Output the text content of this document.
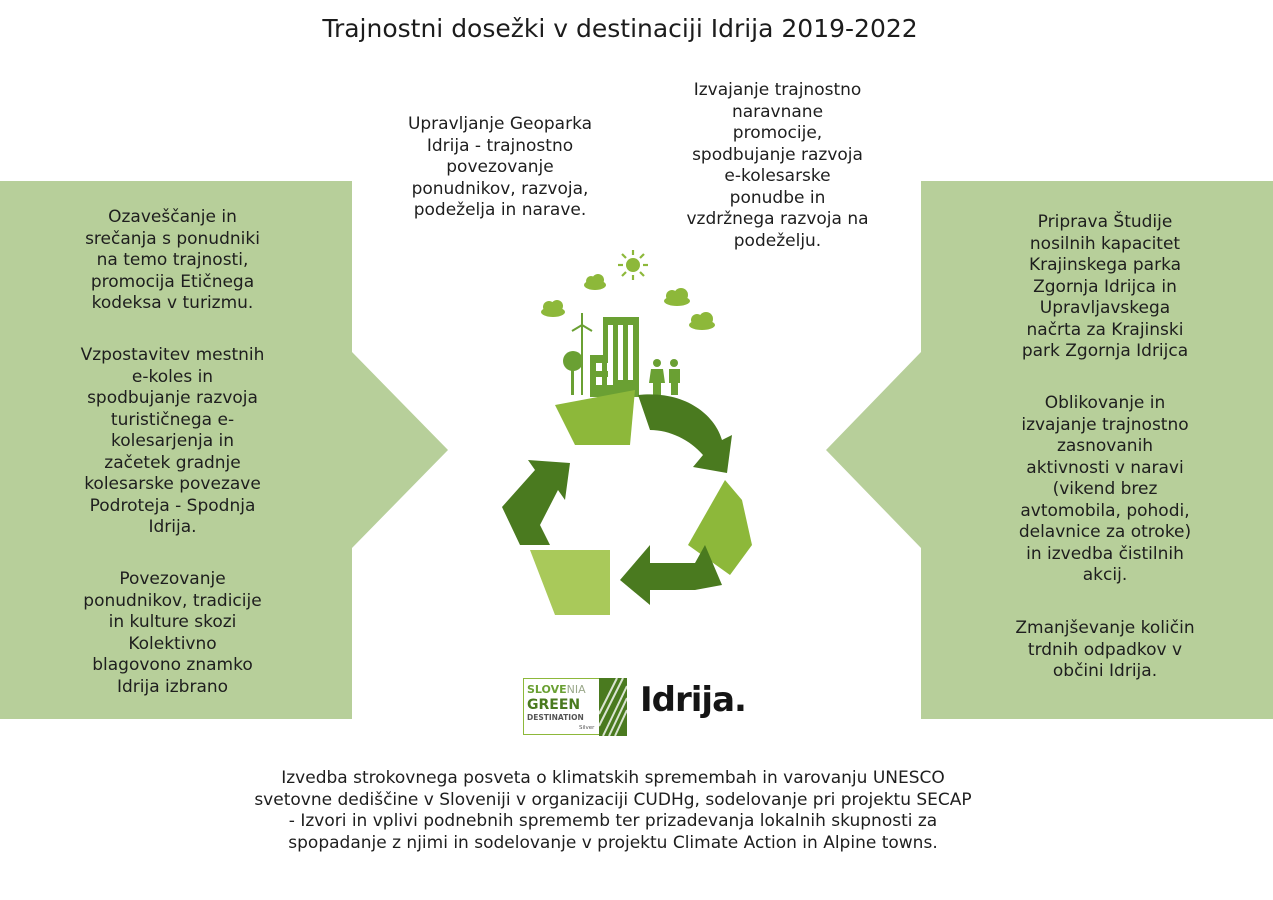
Trajnostni dosežki v destinaciji Idrija 2019-2022
Upravljanje Geoparka
Idrija - trajnostno
povezovanje
ponudnikov, razvoja,
podeželja in narave.
Izvajanje trajnostno
naravnane
promocije,
spodbujanje razvoja
e-kolesarske
ponudbe in
vzdržnega razvoja na
podeželju.
Ozaveščanje in
srečanja s ponudniki
na temo trajnosti,
promocija Etičnega
kodeksa v turizmu.
Vzpostavitev mestnih
e-koles in
spodbujanje razvoja
turističnega e-
kolesarjenja in
začetek gradnje
kolesarske povezave
Podroteja - Spodnja
Idrija.
Povezovanje
ponudnikov, tradicije
in kulture skozi
Kolektivno
blagovono znamko
Idrija izbrano
Priprava Študije
nosilnih kapacitet
Krajinskega parka
Zgornja Idrijca in
Upravljavskega
načrta za Krajinski
park Zgornja Idrijca
Oblikovanje in
izvajanje trajnostno
zasnovanih
aktivnosti v naravi
(vikend brez
avtomobila, pohodi,
delavnice za otroke)
in izvedba čistilnih
akcij.
Zmanjševanje količin
trdnih odpadkov v
občini Idrija.
SLOVENIA
GREEN
DESTINATION
Silver
Idrija.
Izvedba strokovnega posveta o klimatskih spremembah in varovanju UNESCO
svetovne dediščine v Sloveniji v organizaciji CUDHg, sodelovanje pri projektu SECAP
- Izvori in vplivi podnebnih sprememb ter prizadevanja lokalnih skupnosti za
spopadanje z njimi in sodelovanje v projektu Climate Action in Alpine towns.
